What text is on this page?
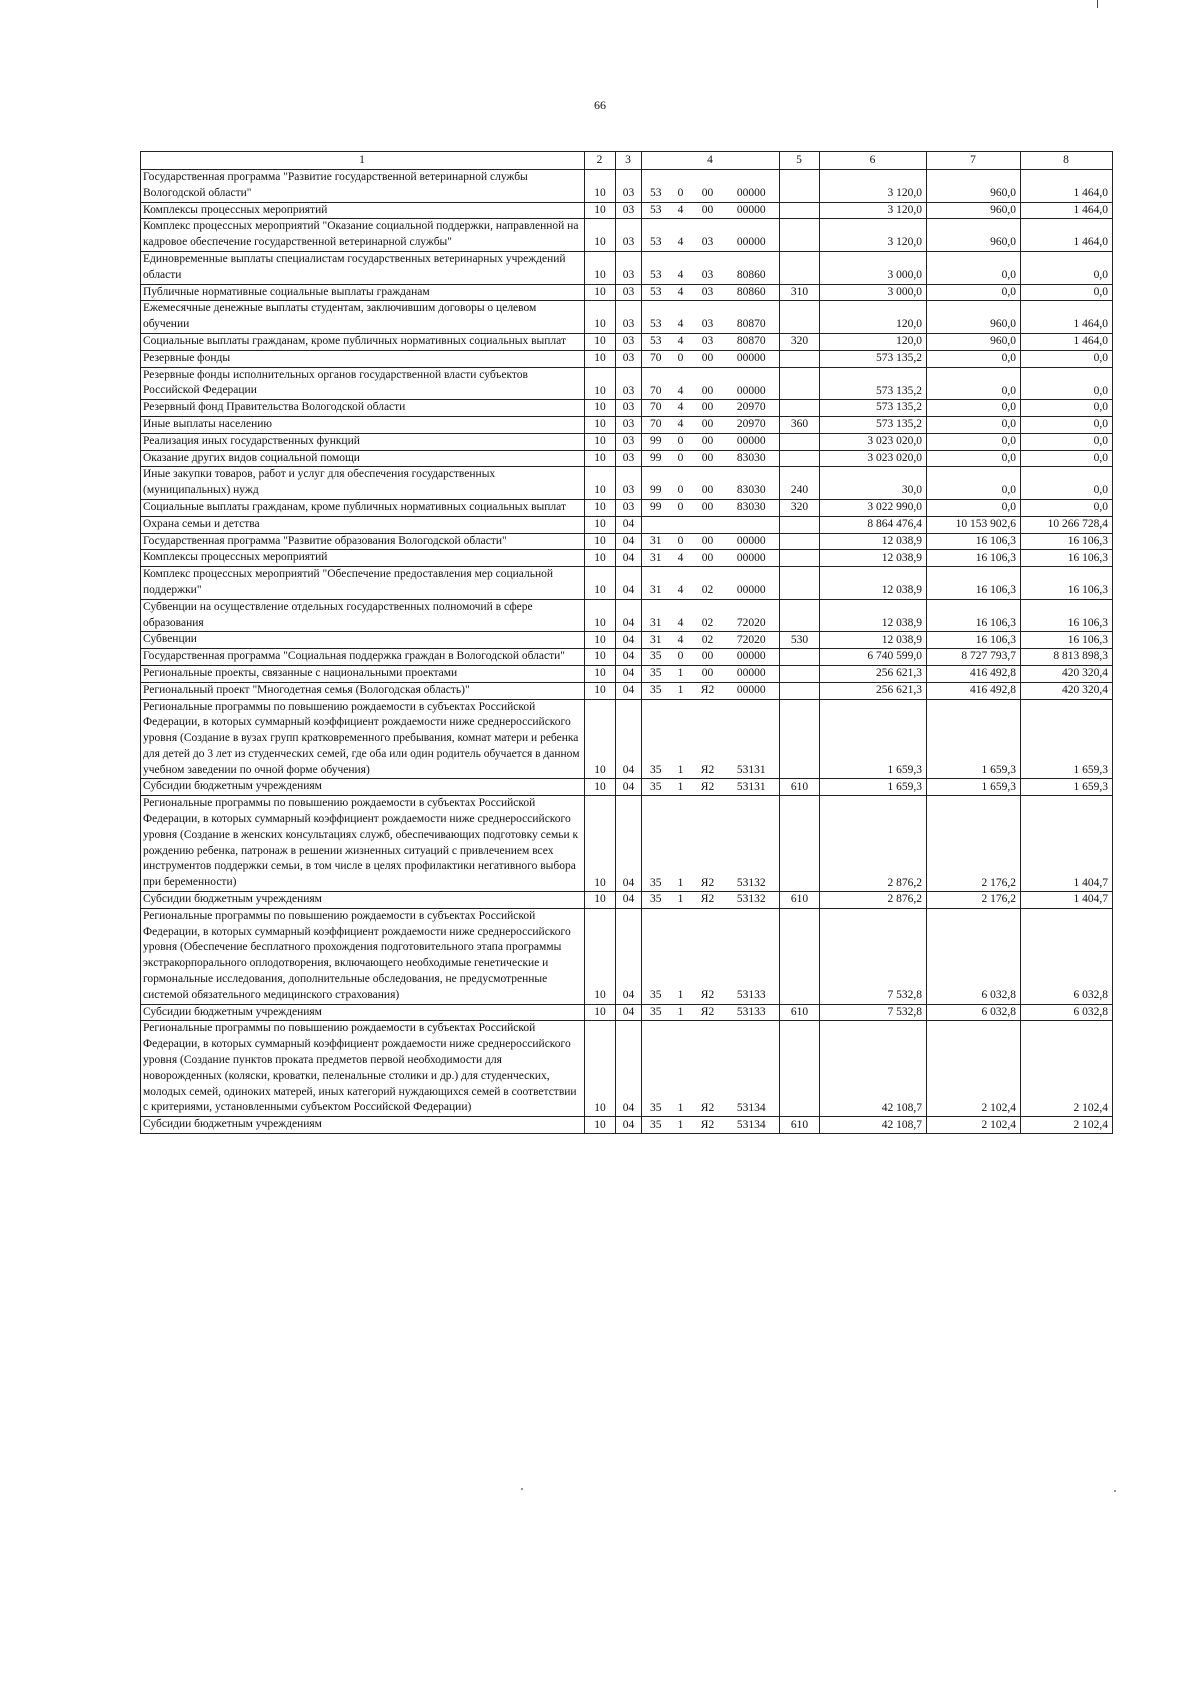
66
1	2	3	4				5	6	7	8
Государственная программа "Развитие государственной ветеринарной службы Вологодской области"	10	03	53	0	00	00000		3 120,0	960,0	1 464,0
Комплексы процессных мероприятий	10	03	53	4	00	00000		3 120,0	960,0	1 464,0
Комплекс процессных мероприятий "Оказание социальной поддержки, направленной на кадровое обеспечение государственной ветеринарной службы"	10	03	53	4	03	00000		3 120,0	960,0	1 464,0
Единовременные выплаты специалистам государственных ветеринарных учреждений области	10	03	53	4	03	80860		3 000,0	0,0	0,0
Публичные нормативные социальные выплаты гражданам	10	03	53	4	03	80860	310	3 000,0	0,0	0,0
Ежемесячные денежные выплаты студентам, заключившим договоры о целевом обучении	10	03	53	4	03	80870		120,0	960,0	1 464,0
Социальные выплаты гражданам, кроме публичных нормативных социальных выплат	10	03	53	4	03	80870	320	120,0	960,0	1 464,0
Резервные фонды	10	03	70	0	00	00000		573 135,2	0,0	0,0
Резервные фонды исполнительных органов государственной власти субъектов Российской Федерации	10	03	70	4	00	00000		573 135,2	0,0	0,0
Резервный фонд Правительства Вологодской области	10	03	70	4	00	20970		573 135,2	0,0	0,0
Иные выплаты населению	10	03	70	4	00	20970	360	573 135,2	0,0	0,0
Реализация иных государственных функций	10	03	99	0	00	00000		3 023 020,0	0,0	0,0
Оказание других видов социальной помощи	10	03	99	0	00	83030		3 023 020,0	0,0	0,0
Иные закупки товаров, работ и услуг для обеспечения государственных (муниципальных) нужд	10	03	99	0	00	83030	240	30,0	0,0	0,0
Социальные выплаты гражданам, кроме публичных нормативных социальных выплат	10	03	99	0	00	83030	320	3 022 990,0	0,0	0,0
Охрана семьи и детства	10	04						8 864 476,4	10 153 902,6	10 266 728,4
Государственная программа "Развитие образования Вологодской области"	10	04	31	0	00	00000		12 038,9	16 106,3	16 106,3
Комплексы процессных мероприятий	10	04	31	4	00	00000		12 038,9	16 106,3	16 106,3
Комплекс процессных мероприятий "Обеспечение предоставления мер социальной поддержки"	10	04	31	4	02	00000		12 038,9	16 106,3	16 106,3
Субвенции на осуществление отдельных государственных полномочий в сфере образования	10	04	31	4	02	72020		12 038,9	16 106,3	16 106,3
Субвенции	10	04	31	4	02	72020	530	12 038,9	16 106,3	16 106,3
Государственная программа "Социальная поддержка граждан в Вологодской области"	10	04	35	0	00	00000		6 740 599,0	8 727 793,7	8 813 898,3
Региональные проекты, связанные с национальными проектами	10	04	35	1	00	00000		256 621,3	416 492,8	420 320,4
Региональный проект "Многодетная семья (Вологодская область)"	10	04	35	1	Я2	00000		256 621,3	416 492,8	420 320,4
Региональные программы по повышению рождаемости в субъектах Российской Федерации, в которых суммарный коэффициент рождаемости ниже среднероссийского уровня (Создание в вузах групп кратковременного пребывания, комнат матери и ребенка для детей до 3 лет из студенческих семей, где оба или один родитель обучается в данном учебном заведении по очной форме обучения)	10	04	35	1	Я2	53131		1 659,3	1 659,3	1 659,3
Субсидии бюджетным учреждениям	10	04	35	1	Я2	53131	610	1 659,3	1 659,3	1 659,3
Региональные программы по повышению рождаемости в субъектах Российской Федерации, в которых суммарный коэффициент рождаемости ниже среднероссийского уровня (Создание в женских консультациях служб, обеспечивающих подготовку семьи к рождению ребенка, патронаж в решении жизненных ситуаций с привлечением всех инструментов поддержки семьи, в том числе в целях профилактики негативного выбора при беременности)	10	04	35	1	Я2	53132		2 876,2	2 176,2	1 404,7
Субсидии бюджетным учреждениям	10	04	35	1	Я2	53132	610	2 876,2	2 176,2	1 404,7
Региональные программы по повышению рождаемости в субъектах Российской Федерации, в которых суммарный коэффициент рождаемости ниже среднероссийского уровня (Обеспечение бесплатного прохождения подготовительного этапа программы экстракорпорального оплодотворения, включающего необходимые генетические и гормональные исследования, дополнительные обследования, не предусмотренные системой обязательного медицинского страхования)	10	04	35	1	Я2	53133		7 532,8	6 032,8	6 032,8
Субсидии бюджетным учреждениям	10	04	35	1	Я2	53133	610	7 532,8	6 032,8	6 032,8
Региональные программы по повышению рождаемости в субъектах Российской Федерации, в которых суммарный коэффициент рождаемости ниже среднероссийского уровня (Создание пунктов проката предметов первой необходимости для новорожденных (коляски, кроватки, пеленальные столики и др.) для студенческих, молодых семей, одиноких матерей, иных категорий нуждающихся семей в соответствии с критериями, установленными субъектом Российской Федерации)	10	04	35	1	Я2	53134		42 108,7	2 102,4	2 102,4
Субсидии бюджетным учреждениям	10	04	35	1	Я2	53134	610	42 108,7	2 102,4	2 102,4
